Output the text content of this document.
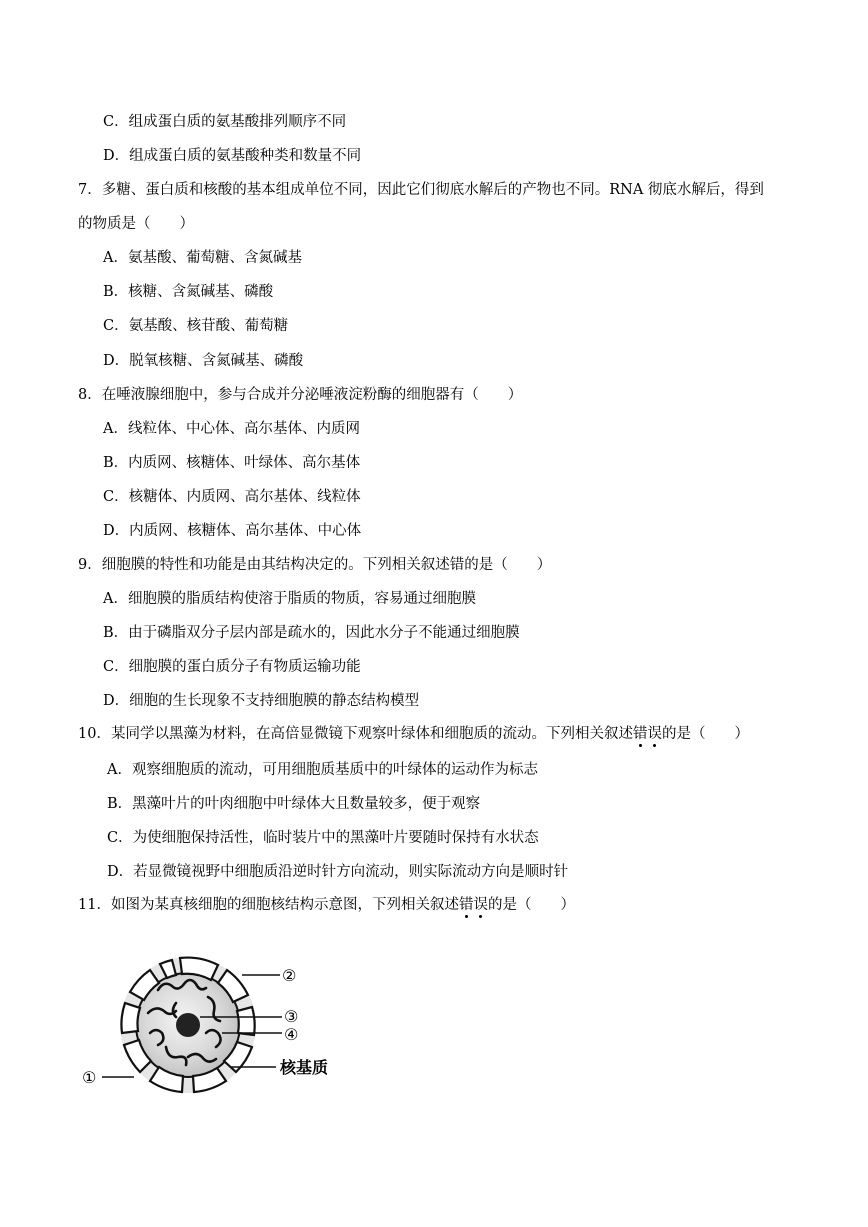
C．组成蛋白质的氨基酸排列顺序不同
D．组成蛋白质的氨基酸种类和数量不同
7．多糖、蛋白质和核酸的基本组成单位不同，因此它们彻底水解后的产物也不同。RNA 彻底水解后，得到
的物质是（　　）
A．氨基酸、葡萄糖、含氮碱基
B．核糖、含氮碱基、磷酸
C．氨基酸、核苷酸、葡萄糖
D．脱氧核糖、含氮碱基、磷酸
8．在唾液腺细胞中，参与合成并分泌唾液淀粉酶的细胞器有（　　）
A．线粒体、中心体、高尔基体、内质网
B．内质网、核糖体、叶绿体、高尔基体
C．核糖体、内质网、高尔基体、线粒体
D．内质网、核糖体、高尔基体、中心体
9．细胞膜的特性和功能是由其结构决定的。下列相关叙述错的是（　　）
A．细胞膜的脂质结构使溶于脂质的物质，容易通过细胞膜
B．由于磷脂双分子层内部是疏水的，因此水分子不能通过细胞膜
C．细胞膜的蛋白质分子有物质运输功能
D．细胞的生长现象不支持细胞膜的静态结构模型
10．某同学以黑藻为材料，在高倍显微镜下观察叶绿体和细胞质的流动。下列相关叙述错误的是（　　）
A．观察细胞质的流动，可用细胞质基质中的叶绿体的运动作为标志
B．黑藻叶片的叶肉细胞中叶绿体大且数量较多，便于观察
C．为使细胞保持活性，临时装片中的黑藻叶片要随时保持有水状态
D．若显微镜视野中细胞质沿逆时针方向流动，则实际流动方向是顺时针
11．如图为某真核细胞的细胞核结构示意图，下列相关叙述错误的是（　　）
②
③
④
核基质
①
